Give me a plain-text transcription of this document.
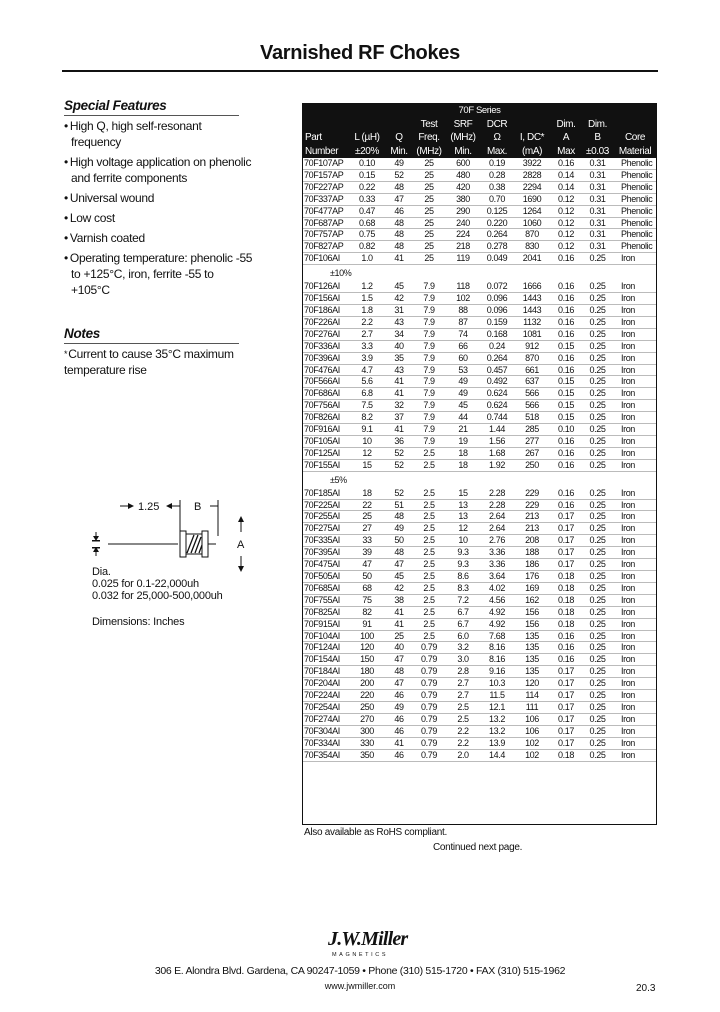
Varnished RF Chokes
Special Features
• High Q, high self-resonant frequency
• High voltage application on phenolic and ferrite components
• Universal wound
• Low cost
• Varnish coated
• Operating temperature: phenolic -55 to +125°C, iron, ferrite -55 to +105°C
Notes
*Current to cause 35°C maximum temperature rise
1.25	B
A
Dia.
0.025 for 0.1-22,000uh
0.032 for 25,000-500,000uh
Dimensions: Inches
70F Series									
			Test	SRF	DCR		Dim.	Dim.	
Part	L (µH)	Q	Freq.	(MHz)	Ω	I, DC*	A	B	Core
Number	±20%	Min.	(MHz)	Min.	Max.	(mA)	Max	±0.03	Material
70F107AP	0.10	49	25	600	0.19	3922	0.16	0.31	Phenolic
70F157AP	0.15	52	25	480	0.28	2828	0.14	0.31	Phenolic
70F227AP	0.22	48	25	420	0.38	2294	0.14	0.31	Phenolic
70F337AP	0.33	47	25	380	0.70	1690	0.12	0.31	Phenolic
70F477AP	0.47	46	25	290	0.125	1264	0.12	0.31	Phenolic
70F687AP	0.68	48	25	240	0.220	1060	0.12	0.31	Phenolic
70F757AP	0.75	48	25	224	0.264	870	0.12	0.31	Phenolic
70F827AP	0.82	48	25	218	0.278	830	0.12	0.31	Phenolic
70F106AI	1.0	41	25	119	0.049	2041	0.16	0.25	Iron
±10%									
70F126AI	1.2	45	7.9	118	0.072	1666	0.16	0.25	Iron
70F156AI	1.5	42	7.9	102	0.096	1443	0.16	0.25	Iron
70F186AI	1.8	31	7.9	88	0.096	1443	0.16	0.25	Iron
70F226AI	2.2	43	7.9	87	0.159	1132	0.16	0.25	Iron
70F276AI	2.7	34	7.9	74	0.168	1081	0.16	0.25	Iron
70F336AI	3.3	40	7.9	66	0.24	912	0.15	0.25	Iron
70F396AI	3.9	35	7.9	60	0.264	870	0.16	0.25	Iron
70F476AI	4.7	43	7.9	53	0.457	661	0.16	0.25	Iron
70F566AI	5.6	41	7.9	49	0.492	637	0.15	0.25	Iron
70F686AI	6.8	41	7.9	49	0.624	566	0.15	0.25	Iron
70F756AI	7.5	32	7.9	45	0.624	566	0.15	0.25	Iron
70F826AI	8.2	37	7.9	44	0.744	518	0.15	0.25	Iron
70F916AI	9.1	41	7.9	21	1.44	285	0.10	0.25	Iron
70F105AI	10	36	7.9	19	1.56	277	0.16	0.25	Iron
70F125AI	12	52	2.5	18	1.68	267	0.16	0.25	Iron
70F155AI	15	52	2.5	18	1.92	250	0.16	0.25	Iron
±5%									
70F185AI	18	52	2.5	15	2.28	229	0.16	0.25	Iron
70F225AI	22	51	2.5	13	2.28	229	0.16	0.25	Iron
70F255AI	25	48	2.5	13	2.64	213	0.17	0.25	Iron
70F275AI	27	49	2.5	12	2.64	213	0.17	0.25	Iron
70F335AI	33	50	2.5	10	2.76	208	0.17	0.25	Iron
70F395AI	39	48	2.5	9.3	3.36	188	0.17	0.25	Iron
70F475AI	47	47	2.5	9.3	3.36	186	0.17	0.25	Iron
70F505AI	50	45	2.5	8.6	3.64	176	0.18	0.25	Iron
70F685AI	68	42	2.5	8.3	4.02	169	0.18	0.25	Iron
70F755AI	75	38	2.5	7.2	4.56	162	0.18	0.25	Iron
70F825AI	82	41	2.5	6.7	4.92	156	0.18	0.25	Iron
70F915AI	91	41	2.5	6.7	4.92	156	0.18	0.25	Iron
70F104AI	100	25	2.5	6.0	7.68	135	0.16	0.25	Iron
70F124AI	120	40	0.79	3.2	8.16	135	0.16	0.25	Iron
70F154AI	150	47	0.79	3.0	8.16	135	0.16	0.25	Iron
70F184AI	180	48	0.79	2.8	9.16	135	0.17	0.25	Iron
70F204AI	200	47	0.79	2.7	10.3	120	0.17	0.25	Iron
70F224AI	220	46	0.79	2.7	11.5	114	0.17	0.25	Iron
70F254AI	250	49	0.79	2.5	12.1	111	0.17	0.25	Iron
70F274AI	270	46	0.79	2.5	13.2	106	0.17	0.25	Iron
70F304AI	300	46	0.79	2.2	13.2	106	0.17	0.25	Iron
70F334AI	330	41	0.79	2.2	13.9	102	0.17	0.25	Iron
70F354AI	350	46	0.79	2.0	14.4	102	0.18	0.25	Iron
Also available as RoHS compliant.
Continued next page.
J.W.Miller
MAGNETICS
306 E. Alondra Blvd. Gardena, CA 90247-1059 • Phone (310) 515-1720 • FAX (310) 515-1962
www.jwmiller.com	20.3
